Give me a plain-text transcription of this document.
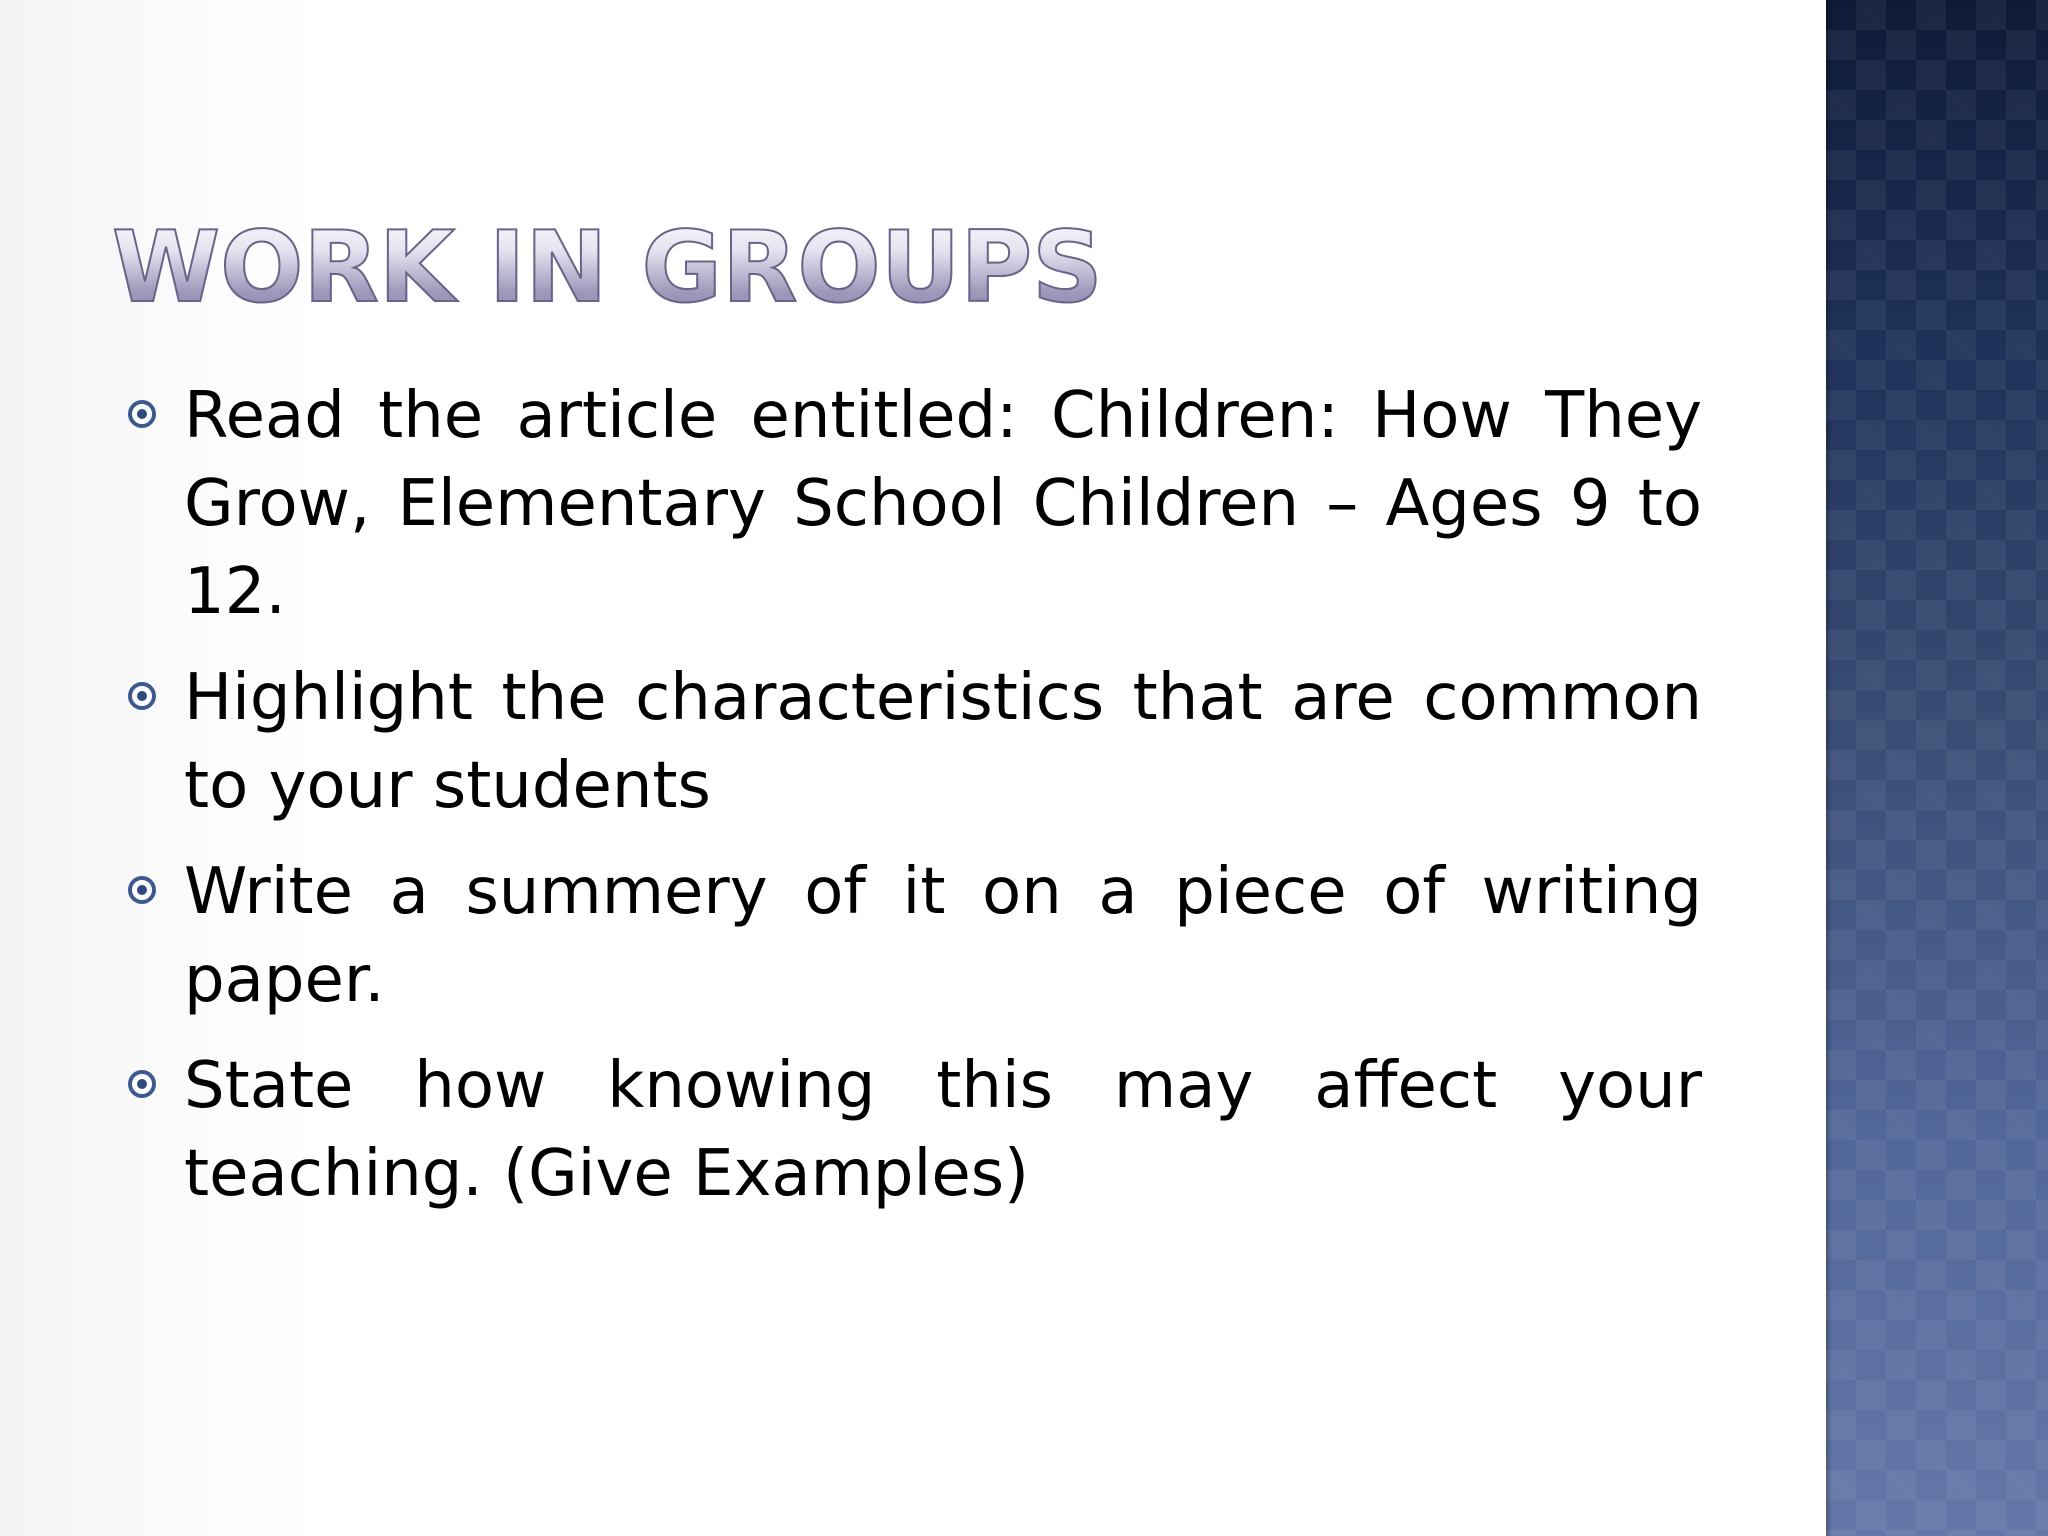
WORK IN GROUPS
Read the article entitled: Children: How They Grow, Elementary School Children – Ages 9 to 12.
Highlight the characteristics that are common to your students
Write a summery of it on a piece of writing paper.
State how knowing this may affect your teaching. (Give Examples)
